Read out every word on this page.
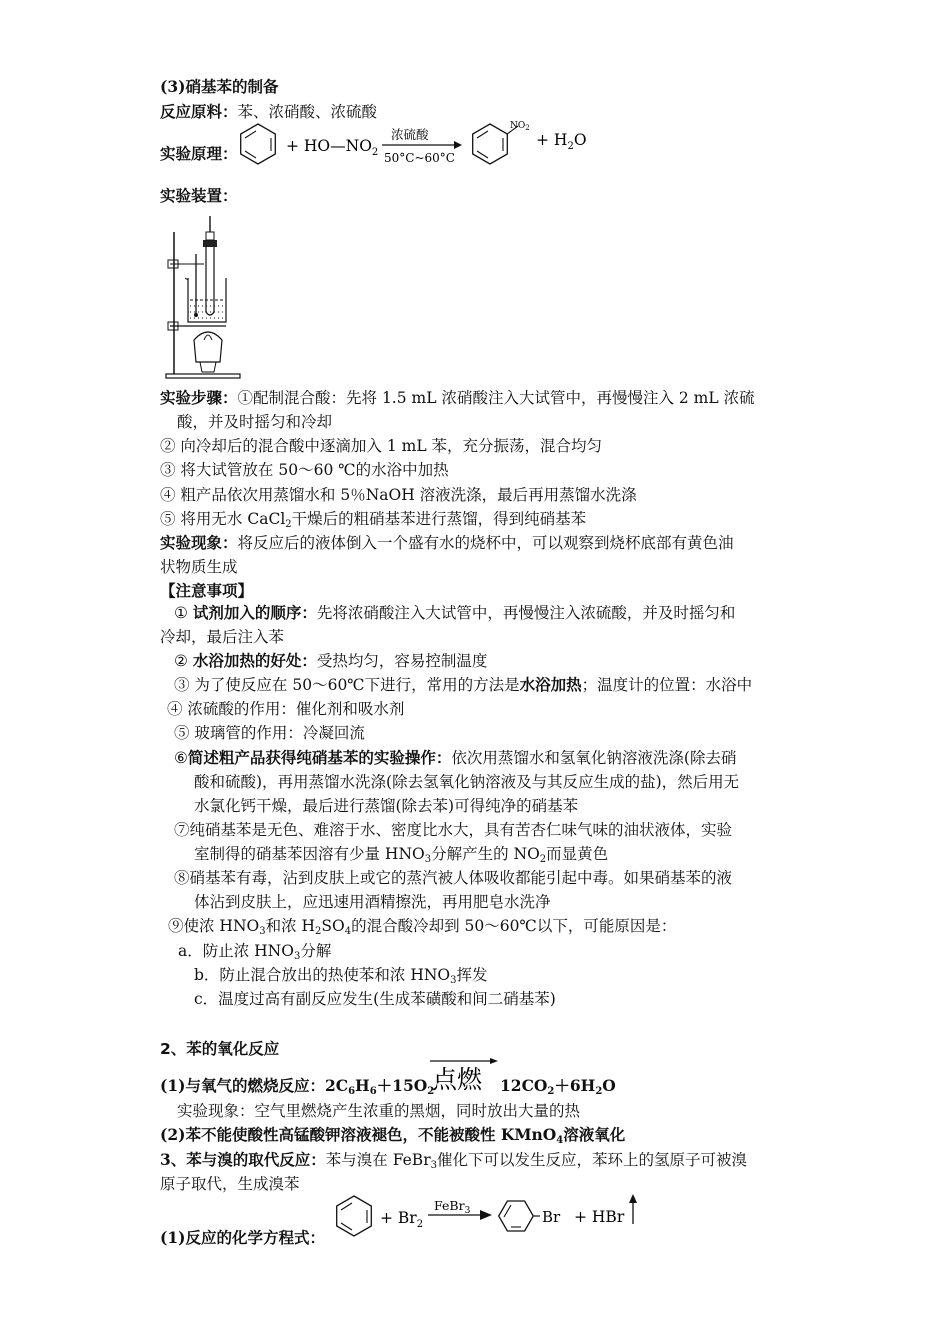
(3)硝基苯的制备
反应原料：苯、浓硝酸、浓硫酸
实验原理：	+ $HO—NO_2$
浓硫酸
50°C~60°C
$NO_2$
+ $H_2O$
实验装置：
实验步骤：①配制混合酸：先将 1.5 mL 浓硝酸注入大试管中，再慢慢注入 2 mL 浓硫
酸，并及时摇匀和冷却
② 向冷却后的混合酸中逐滴加入 1 mL 苯，充分振荡，混合均匀
③ 将大试管放在 50～60 ℃的水浴中加热
④ 粗产品依次用蒸馏水和 5％NaOH 溶液洗涤，最后再用蒸馏水洗涤
⑤ 将用无水 CaCl$_2$干燥后的粗硝基苯进行蒸馏，得到纯硝基苯
实验现象：将反应后的液体倒入一个盛有水的烧杯中，可以观察到烧杯底部有黄色油
状物质生成
【注意事项】
① 试剂加入的顺序：先将浓硝酸注入大试管中，再慢慢注入浓硫酸，并及时摇匀和
冷却，最后注入苯
② 水浴加热的好处：受热均匀，容易控制温度
③ 为了使反应在 50～60℃下进行，常用的方法是水浴加热；温度计的位置：水浴中
④ 浓硫酸的作用：催化剂和吸水剂
⑤ 玻璃管的作用：冷凝回流
⑥简述粗产品获得纯硝基苯的实验操作：依次用蒸馏水和氢氧化钠溶液洗涤(除去硝
酸和硫酸)，再用蒸馏水洗涤(除去氢氧化钠溶液及与其反应生成的盐)，然后用无
水氯化钙干燥，最后进行蒸馏(除去苯)可得纯净的硝基苯
⑦纯硝基苯是无色、难溶于水、密度比水大，具有苦杏仁味气味的油状液体，实验
室制得的硝基苯因溶有少量 $HNO_3$分解产生的 $NO_2$而显黄色
⑧硝基苯有毒，沾到皮肤上或它的蒸汽被人体吸收都能引起中毒。如果硝基苯的液
体沾到皮肤上，应迅速用酒精擦洗，再用肥皂水洗净
⑨使浓 $HNO_3$和浓 $H_2SO_4$的混合酸冷却到 50～60℃以下，可能原因是：
a．防止浓 $HNO_3$分解
b．防止混合放出的热使苯和浓 $HNO_3$挥发
c．温度过高有副反应发生(生成苯磺酸和间二硝基苯)
2、苯的氧化反应
(1)与氧气的燃烧反应：$2C_6H_6+15O_2$
点燃 $12CO_2+6H_2O$
实验现象：空气里燃烧产生浓重的黑烟，同时放出大量的热
(2)苯不能使酸性高锰酸钾溶液褪色，不能被酸性 KMnO$_4$溶液氧化
3、苯与溴的取代反应：苯与溴在 FeBr$_3$催化下可以发生反应，苯环上的氢原子可被溴
原子取代，生成溴苯
(1)反应的化学方程式：
+ $Br_2$
FeBr$_3$	Br + HBr
